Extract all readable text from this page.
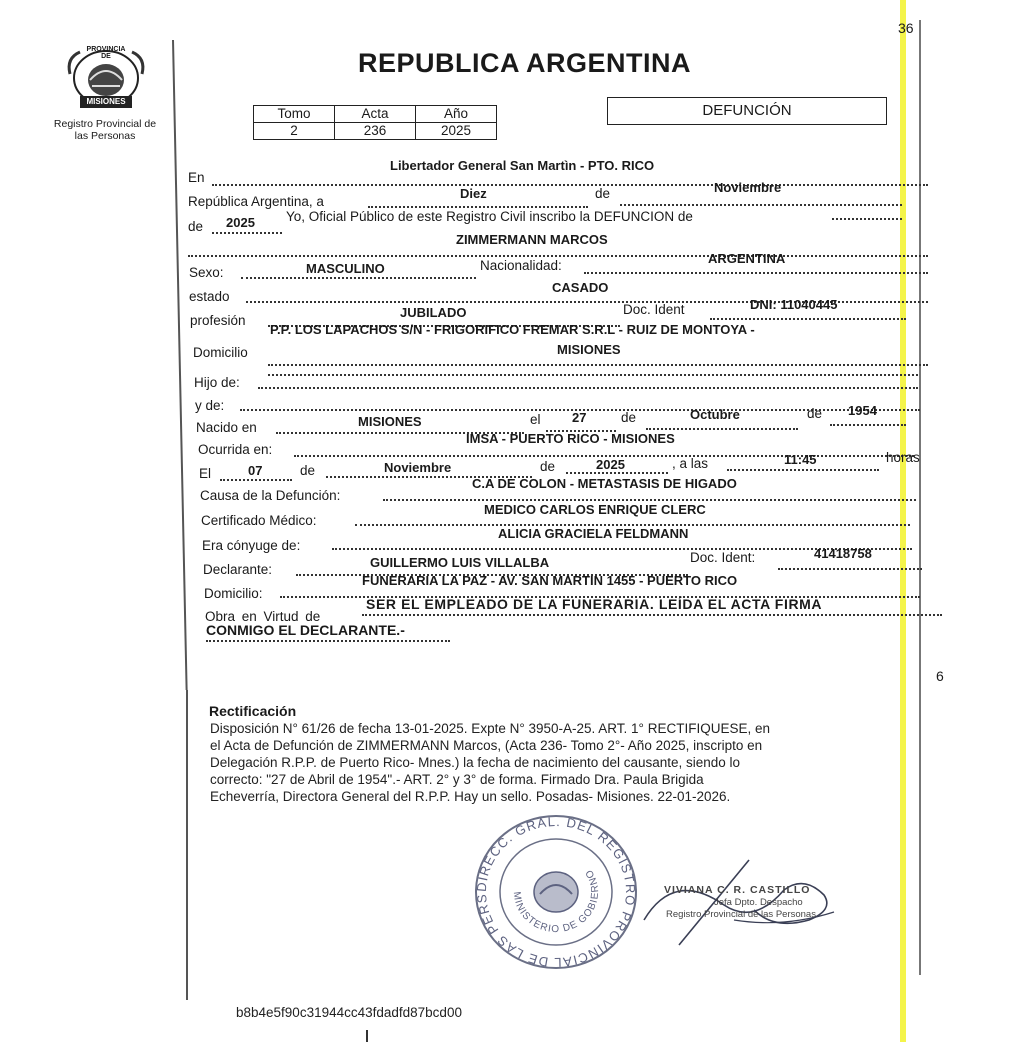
36
PROVINCIA DE
MISIONES
Registro Provincial de
las Personas
REPUBLICA ARGENTINA
Tomo	Acta	Año
2	236	2025
DEFUNCIÓN
En
Libertador General San Martìn - PTO. RICO
República Argentina, a
Diez	de	Noviembre
de 2025 Yo, Oficial Público de este Registro Civil inscribo la DEFUNCION de
ZIMMERMANN MARCOS
Sexo:	MASCULINO	Nacionalidad:	ARGENTINA
estado
CASADO
profesión
JUBILADO	Doc. Ident	DNI: 11040445
Domicilio
P.P. LOS LAPACHOS S/N - FRIGORIFICO FREMAR S.R.L - RUIZ DE MONTOYA -
MISIONES
Hijo de:
y de:
Nacido en	MISIONES	el 27	de	Octubre	de 1954
Ocurrida en:
IMSA - PUERTO RICO - MISIONES
El	07	de	Noviembre	de	2025	, a las	11:45	horas
Causa de la Defunción:
C.A DE COLON - METASTASIS DE HIGADO
Certificado Médico:
MEDICO CARLOS ENRIQUE CLERC
Era cónyuge de:
ALICIA GRACIELA FELDMANN
Declarante:	GUILLERMO LUIS VILLALBA	Doc. Ident:	41418758
Domicilio:
FUNERARIA LA PAZ - AV. SAN MARTIN 1455 - PUERTO RICO
Obra en Virtud de
SER EL EMPLEADO DE LA FUNERARIA. LEÍDA EL ACTA FIRMA
CONMIGO EL DECLARANTE.-
6
Rectificación
Disposición N° 61/26 de fecha 13-01-2025. Expte N° 3950-A-25. ART. 1° RECTIFIQUESE, en
el Acta de Defunción de ZIMMERMANN Marcos, (Acta 236- Tomo 2°- Año 2025, inscripto en
Delegación R.P.P. de Puerto Rico- Mnes.) la fecha de nacimiento del causante, siendo lo
correcto: "27 de Abril de 1954".- ART. 2° y 3° de forma. Firmado Dra. Paula Brigida
Echeverría, Directora General del R.P.P. Hay un sello. Posadas- Misiones. 22-01-2026.
DIRECC. GRAL. DEL REGISTRO PROVINCIAL DE LAS PERS	MINISTERIO DE GOBIERNO
VIVIANA C. R. CASTILLO
Jefa Dpto. Despacho
Registro Provincial de las Personas
b8b4e5f90c31944cc43fdadfd87bcd00
